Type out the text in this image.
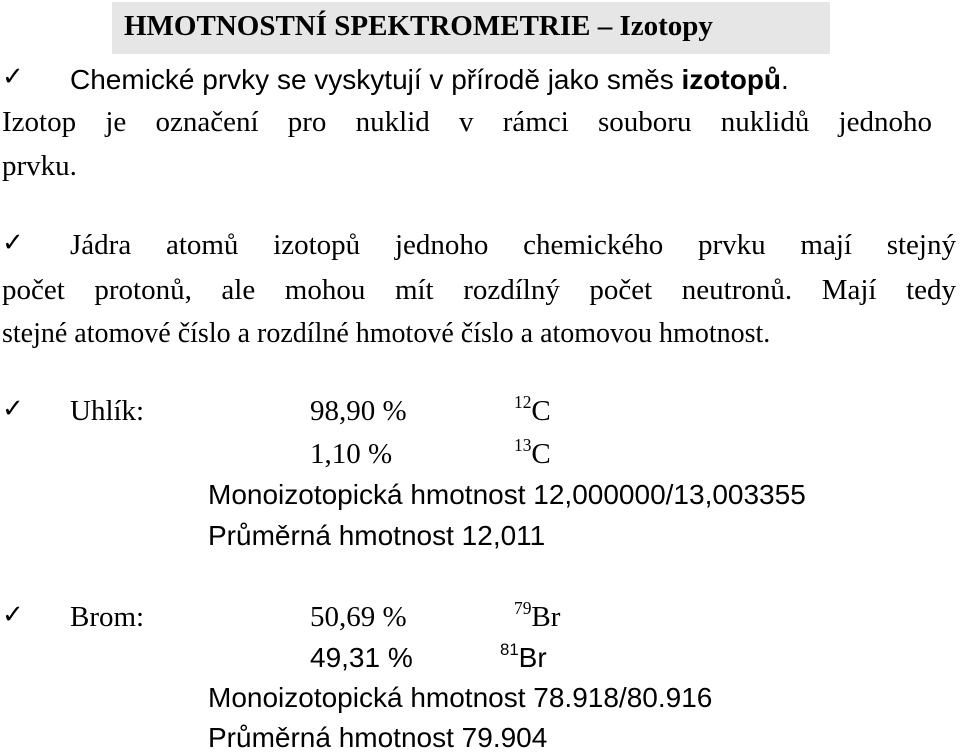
HMOTNOSTNÍ SPEKTROMETRIE – Izotopy
✓ Chemické prvky se vyskytují v přírodě jako směs izotopů.
Izotop je označení pro nuklid v rámci souboru nuklidů jednoho
prvku.
✓ Jádra atomů izotopů jednoho chemického prvku mají stejný
počet protonů, ale mohou mít rozdílný počet neutronů. Mají tedy
stejné atomové číslo a rozdílné hmotové číslo a atomovou hmotnost.
✓ Uhlík:	98,90 %	$^{12}$C
1,10 %	$^{13}$C
Monoizotopická hmotnost 12,000000/13,003355
Průměrná hmotnost 12,011
✓ Brom:	50,69 %	$^{79}$Br
49,31 %	$^{81}$Br
Monoizotopická hmotnost 78.918/80.916
Průměrná hmotnost 79.904
